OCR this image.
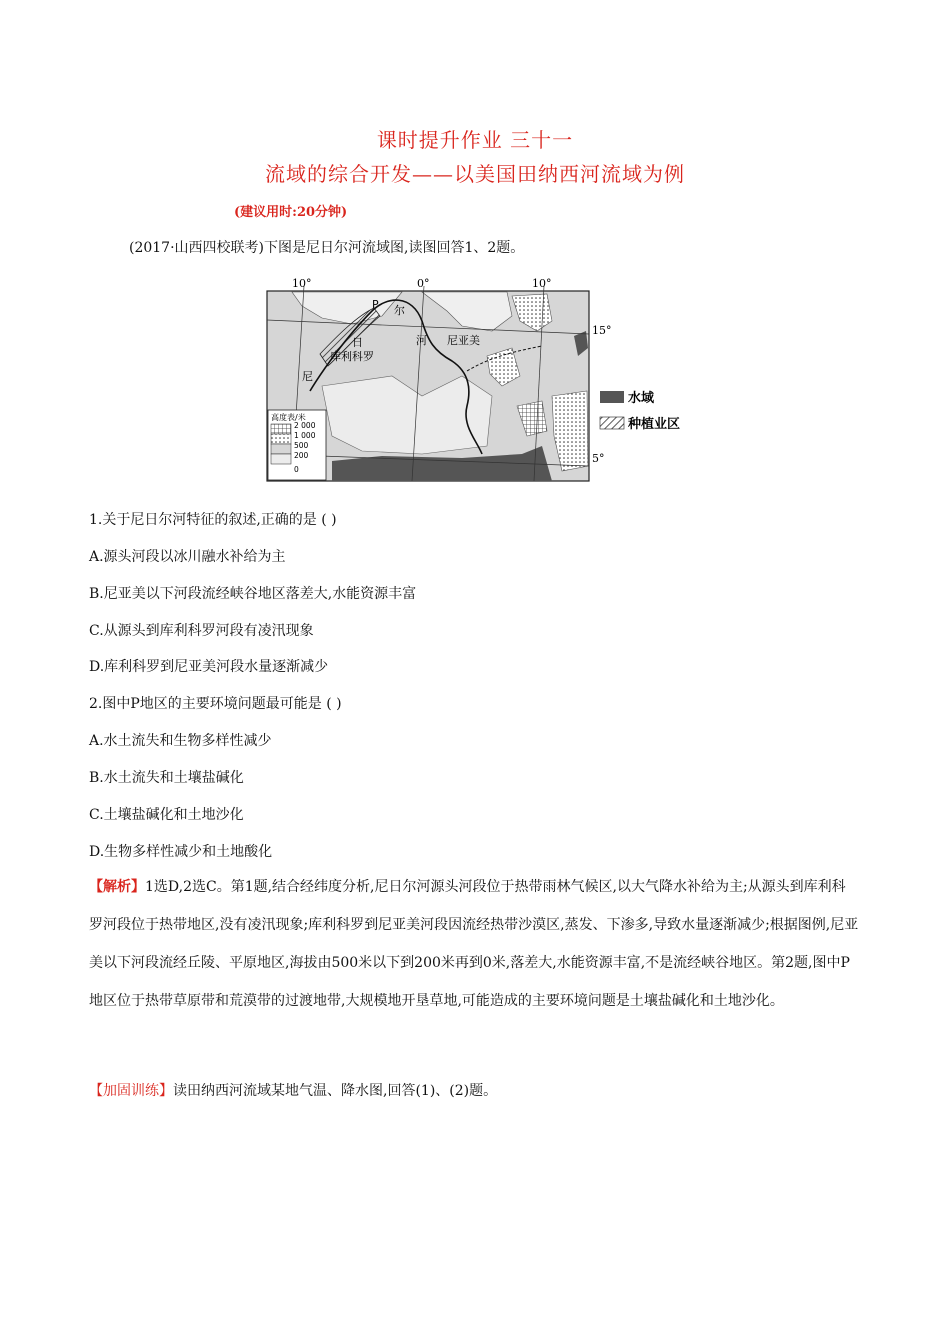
课时提升作业 三十一
流域的综合开发——以美国田纳西河流域为例
(建议用时:20分钟)
(2017·山西四校联考)下图是尼日尔河流域图,读图回答1、2题。
10°	0°	10°
15°
5°
P 尔
日
库利科罗
河 尼亚美
尼
高度表/米
2 000
1 000
500
200
0
水域
种植业区
1.关于尼日尔河特征的叙述,正确的是 ( )
A.源头河段以冰川融水补给为主
B.尼亚美以下河段流经峡谷地区落差大,水能资源丰富
C.从源头到库利科罗河段有凌汛现象
D.库利科罗到尼亚美河段水量逐渐减少
2.图中P地区的主要环境问题最可能是 ( )
A.水土流失和生物多样性减少
B.水土流失和土壤盐碱化
C.土壤盐碱化和土地沙化
D.生物多样性减少和土地酸化
【解析】1选D,2选C。第1题,结合经纬度分析,尼日尔河源头河段位于热带雨林气候区,以大气降水补给为主;从源头到库利科罗河段位于热带地区,没有凌汛现象;库利科罗到尼亚美河段因流经热带沙漠区,蒸发、下渗多,导致水量逐渐减少;根据图例,尼亚美以下河段流经丘陵、平原地区,海拔由500米以下到200米再到0米,落差大,水能资源丰富,不是流经峡谷地区。第2题,图中P地区位于热带草原带和荒漠带的过渡地带,大规模地开垦草地,可能造成的主要环境问题是土壤盐碱化和土地沙化。
【加固训练】读田纳西河流域某地气温、降水图,回答(1)、(2)题。
